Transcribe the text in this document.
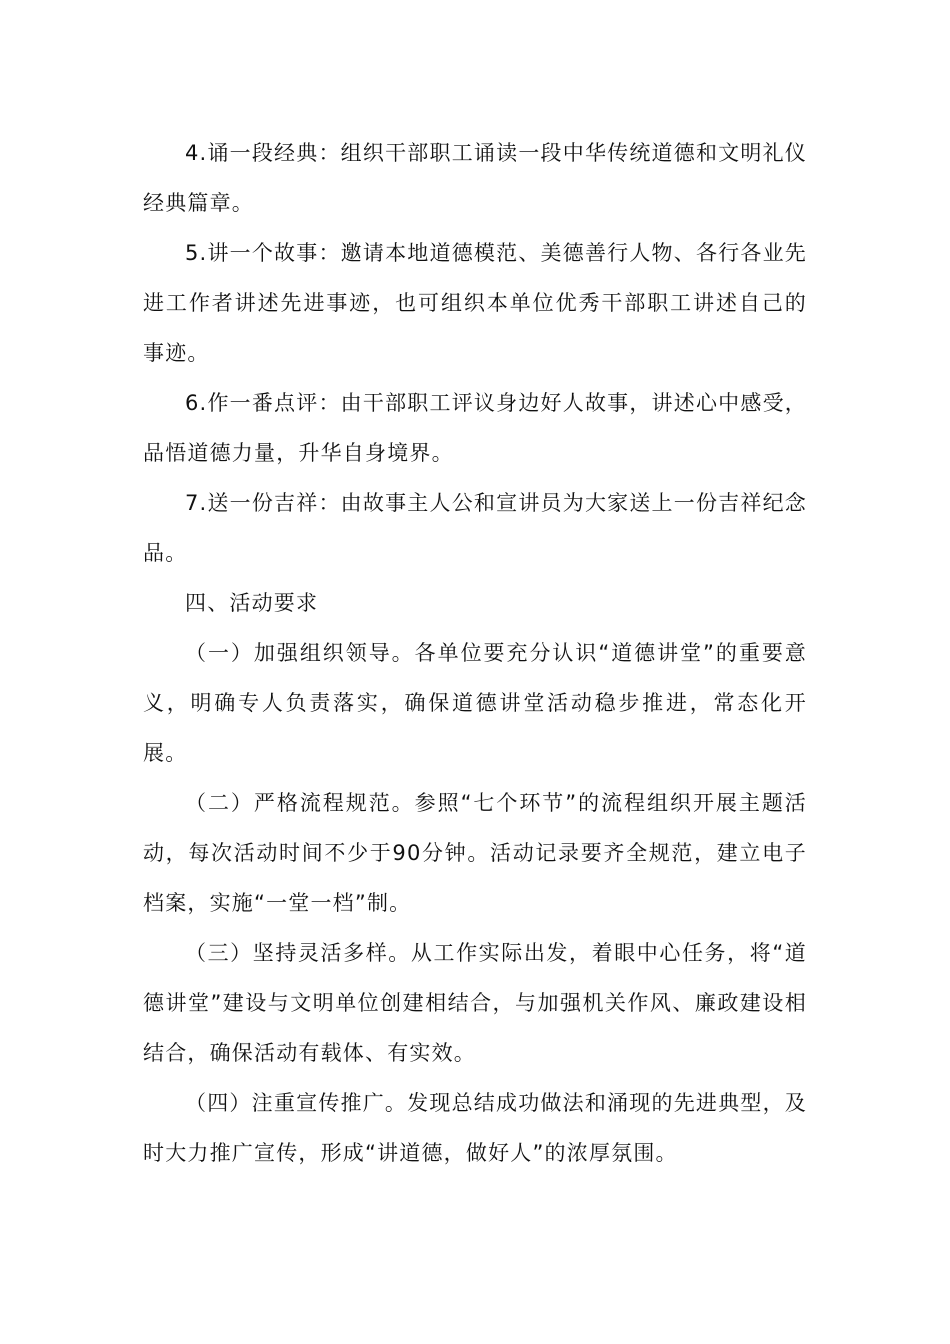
4.诵一段经典：组织干部职工诵读一段中华传统道德和文明礼仪经典篇章。

5.讲一个故事：邀请本地道德模范、美德善行人物、各行各业先进工作者讲述先进事迹，也可组织本单位优秀干部职工讲述自己的事迹。

6.作一番点评：由干部职工评议身边好人故事，讲述心中感受，品悟道德力量，升华自身境界。

7.送一份吉祥：由故事主人公和宣讲员为大家送上一份吉祥纪念品。

四、活动要求

（一）加强组织领导。各单位要充分认识“道德讲堂”的重要意义，明确专人负责落实，确保道德讲堂活动稳步推进，常态化开展。

（二）严格流程规范。参照“七个环节”的流程组织开展主题活动，每次活动时间不少于90分钟。活动记录要齐全规范，建立电子档案，实施“一堂一档”制。

（三）坚持灵活多样。从工作实际出发，着眼中心任务，将“道德讲堂”建设与文明单位创建相结合，与加强机关作风、廉政建设相结合，确保活动有载体、有实效。

（四）注重宣传推广。发现总结成功做法和涌现的先进典型，及时大力推广宣传，形成“讲道德，做好人”的浓厚氛围。
